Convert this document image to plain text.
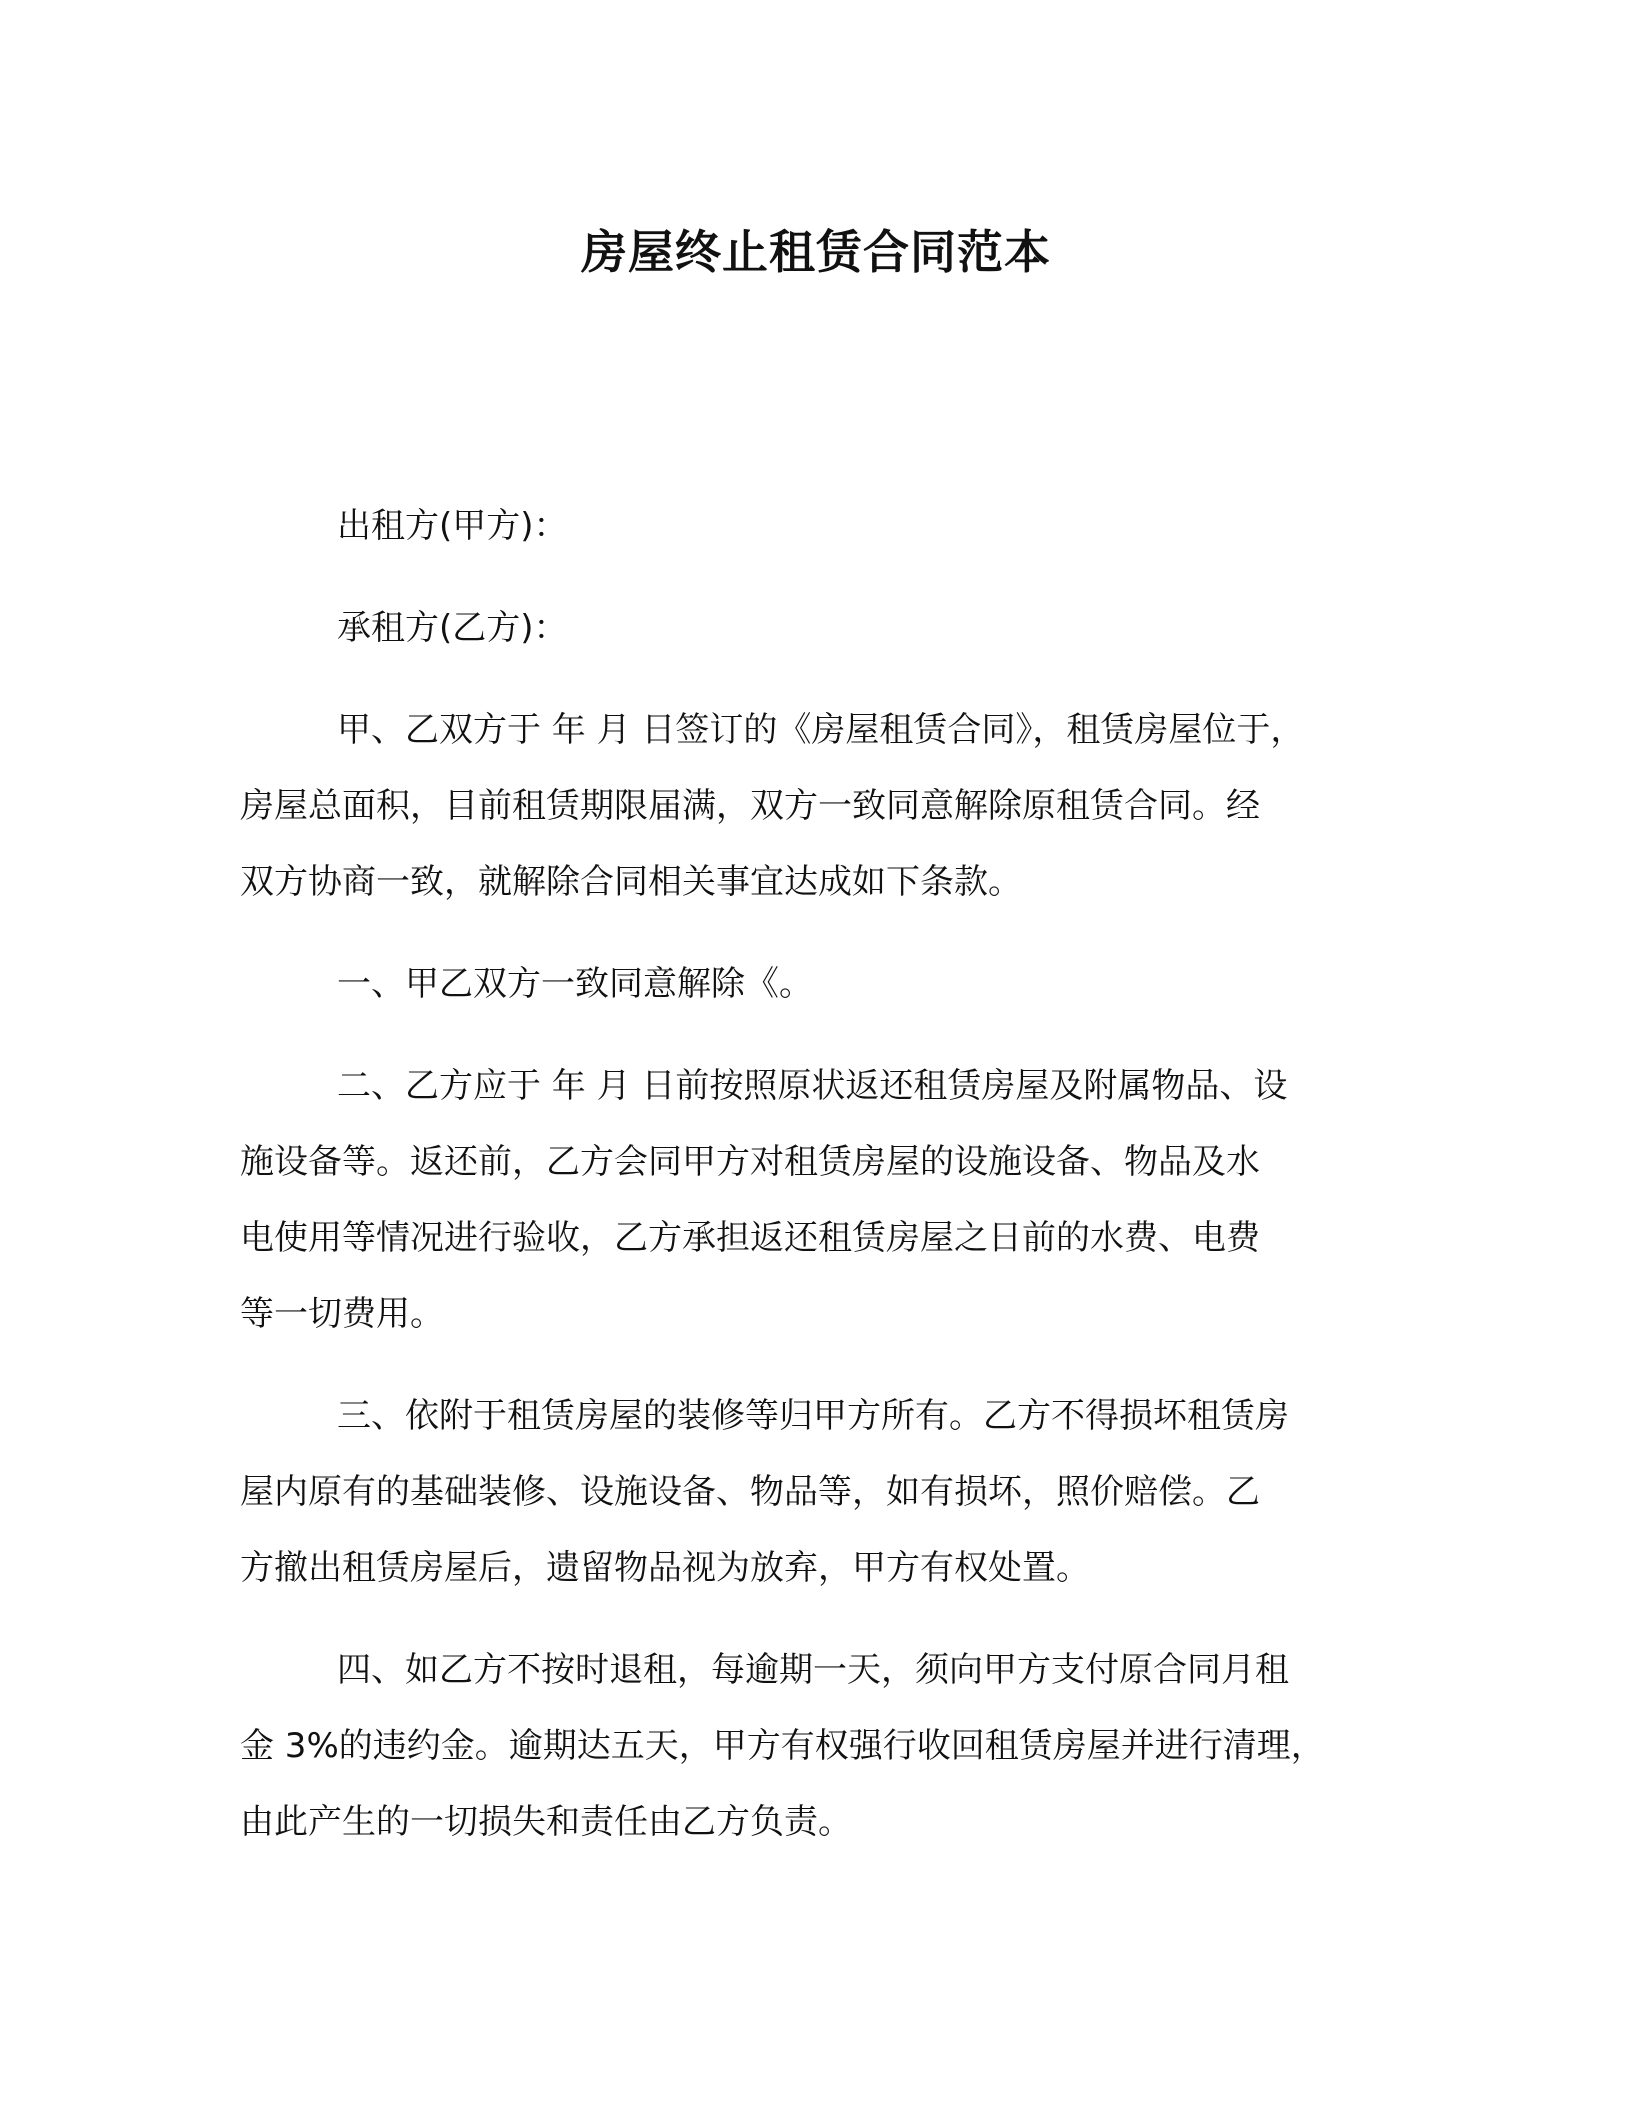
房屋终止租赁合同范本

出租方(甲方)：

承租方(乙方)：

甲、乙双方于 年 月 日签订的《房屋租赁合同》，租赁房屋位于，
房屋总面积，目前租赁期限届满，双方一致同意解除原租赁合同。经
双方协商一致，就解除合同相关事宜达成如下条款。
一、甲乙双方一致同意解除《。
二、乙方应于 年 月 日前按照原状返还租赁房屋及附属物品、设
施设备等。返还前，乙方会同甲方对租赁房屋的设施设备、物品及水
电使用等情况进行验收，乙方承担返还租赁房屋之日前的水费、电费
等一切费用。
三、依附于租赁房屋的装修等归甲方所有。乙方不得损坏租赁房
屋内原有的基础装修、设施设备、物品等，如有损坏，照价赔偿。乙
方撤出租赁房屋后，遗留物品视为放弃，甲方有权处置。
四、如乙方不按时退租，每逾期一天，须向甲方支付原合同月租
金 3%的违约金。逾期达五天，甲方有权强行收回租赁房屋并进行清理，
由此产生的一切损失和责任由乙方负责。
